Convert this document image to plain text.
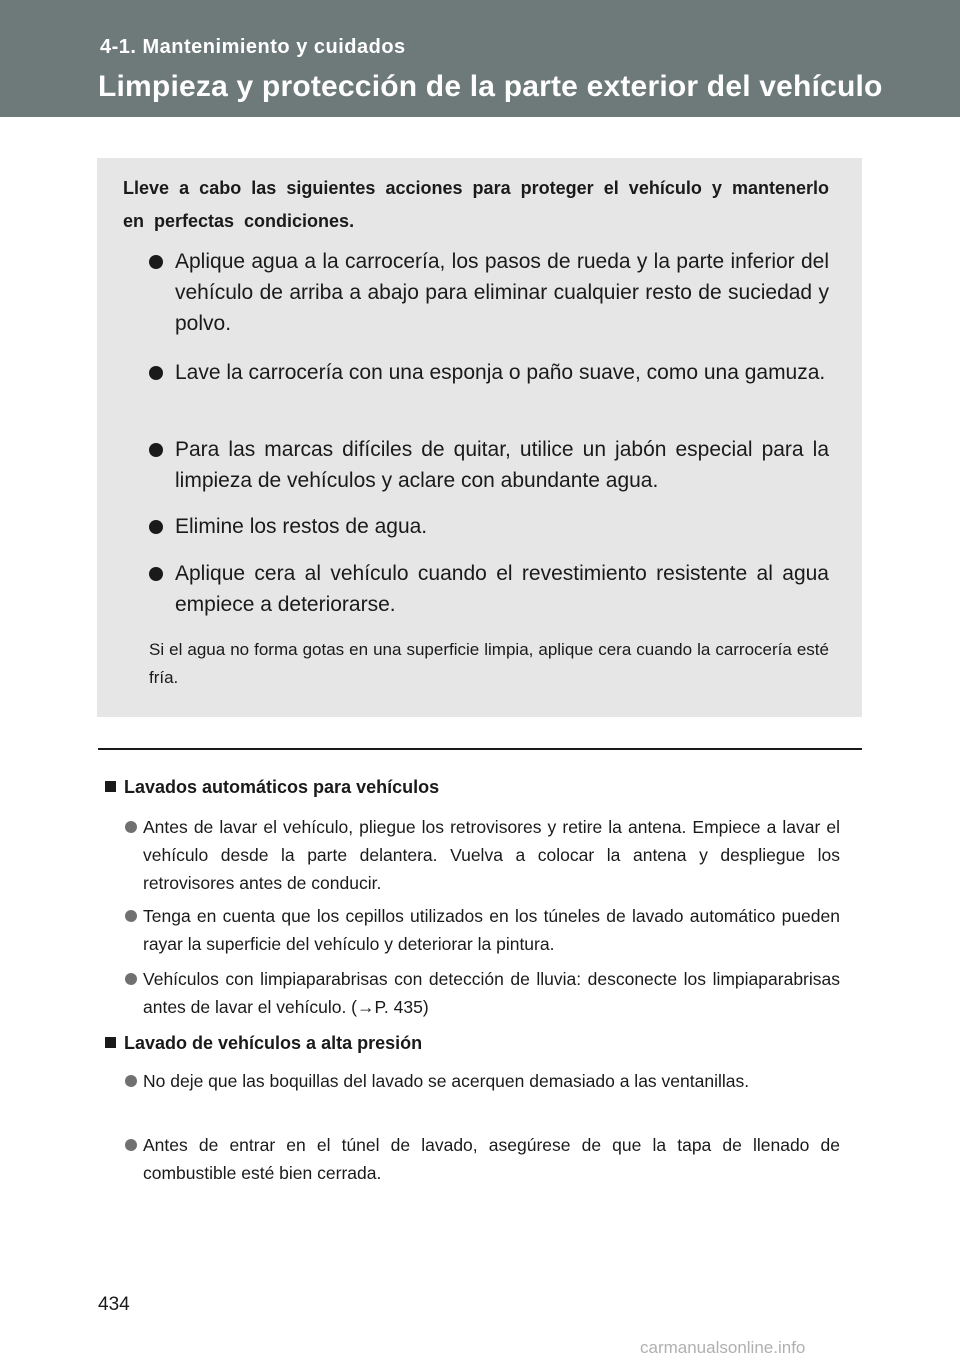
4-1. Mantenimiento y cuidados
Limpieza y protección de la parte exterior del vehículo
Lleve a cabo las siguientes acciones para proteger el vehículo y mantenerlo en perfectas condiciones.
Aplique agua a la carrocería, los pasos de rueda y la parte inferior del vehículo de arriba a abajo para eliminar cualquier resto de suciedad y polvo.
Lave la carrocería con una esponja o paño suave, como una gamuza.
Para las marcas difíciles de quitar, utilice un jabón especial para la limpieza de vehículos y aclare con abundante agua.
Elimine los restos de agua.
Aplique cera al vehículo cuando el revestimiento resistente al agua empiece a deteriorarse.
Si el agua no forma gotas en una superficie limpia, aplique cera cuando la carrocería esté fría.
Lavados automáticos para vehículos
Antes de lavar el vehículo, pliegue los retrovisores y retire la antena. Empiece a lavar el vehículo desde la parte delantera. Vuelva a colocar la antena y despliegue los retrovisores antes de conducir.
Tenga en cuenta que los cepillos utilizados en los túneles de lavado automático pueden rayar la superficie del vehículo y deteriorar la pintura.
Vehículos con limpiaparabrisas con detección de lluvia: desconecte los limpiaparabrisas antes de lavar el vehículo. (→P. 435)
Lavado de vehículos a alta presión
No deje que las boquillas del lavado se acerquen demasiado a las ventanillas.
Antes de entrar en el túnel de lavado, asegúrese de que la tapa de llenado de combustible esté bien cerrada.
434
carmanualsonline.info
